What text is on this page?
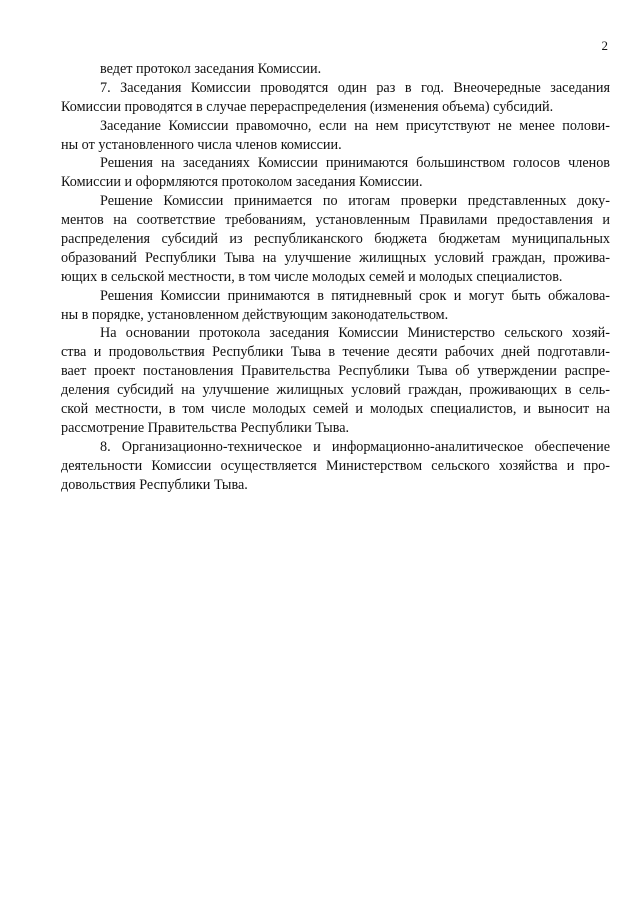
2
ведет протокол заседания Комиссии.
7. Заседания Комиссии проводятся один раз в год. Внеочередные заседания
Комиссии проводятся в случае перераспределения (изменения объема) субсидий.
Заседание Комиссии правомочно, если на нем присутствуют не менее полови-
ны от установленного числа членов комиссии.
Решения на заседаниях Комиссии принимаются большинством голосов членов
Комиссии и оформляются протоколом заседания Комиссии.
Решение Комиссии принимается по итогам проверки представленных доку-
ментов на соответствие требованиям, установленным Правилами предоставления и
распределения субсидий из республиканского бюджета бюджетам муниципальных
образований Республики Тыва на улучшение жилищных условий граждан, прожива-
ющих в сельской местности, в том числе молодых семей и молодых специалистов.
Решения Комиссии принимаются в пятидневный срок и могут быть обжалова-
ны в порядке, установленном действующим законодательством.
На основании протокола заседания Комиссии Министерство сельского хозяй-
ства и продовольствия Республики Тыва в течение десяти рабочих дней подготавли-
вает проект постановления Правительства Республики Тыва об утверждении распре-
деления субсидий на улучшение жилищных условий граждан, проживающих в сель-
ской местности, в том числе молодых семей и молодых специалистов, и выносит на
рассмотрение Правительства Республики Тыва.
8. Организационно-техническое и информационно-аналитическое обеспечение
деятельности Комиссии осуществляется Министерством сельского хозяйства и про-
довольствия Республики Тыва.
